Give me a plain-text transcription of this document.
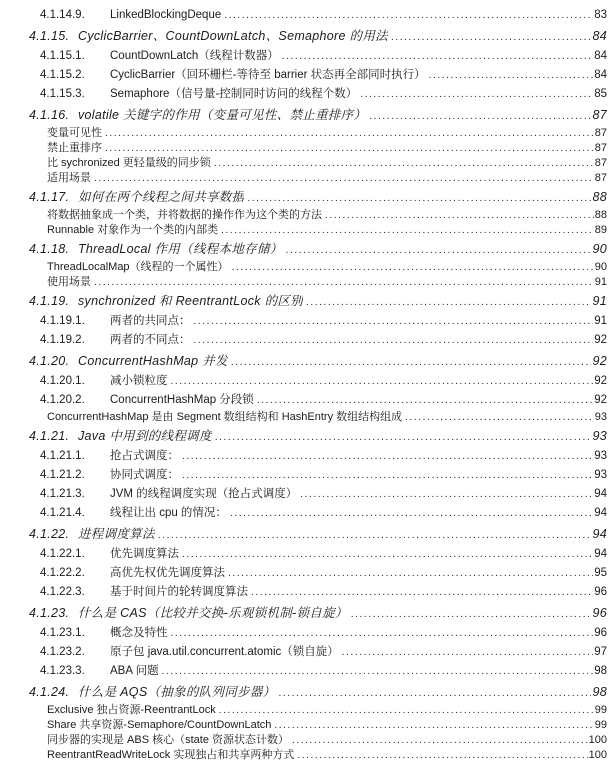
4.1.14.9.	LinkedBlockingDeque .....	83
4.1.15. CyclicBarrier、CountDownLatch、Semaphore 的用法 .....	84
4.1.15.1.	CountDownLatch（线程计数器） .....	84
4.1.15.2.	CyclicBarrier（回环栅栏-等待至 barrier 状态再全部同时执行） .....	84
4.1.15.3.	Semaphore（信号量-控制同时访问的线程个数） .....	85
4.1.16. volatile 关键字的作用（变量可见性、禁止重排序） .....	87
变量可见性 .....	87
禁止重排序 .....	87
比 sychronized 更轻量级的同步锁 .....	87
适用场景 .....	87
4.1.17. 如何在两个线程之间共享数据 .....	88
将数据抽象成一个类，并将数据的操作作为这个类的方法 .....	88
Runnable 对象作为一个类的内部类 .....	89
4.1.18. ThreadLocal 作用（线程本地存储） .....	90
ThreadLocalMap（线程的一个属性） .....	90
使用场景 .....	91
4.1.19. synchronized 和 ReentrantLock 的区别 .....	91
4.1.19.1.	两者的共同点： .....	91
4.1.19.2.	两者的不同点： .....	92
4.1.20. ConcurrentHashMap 并发 .....	92
4.1.20.1.	减小锁粒度 .....	92
4.1.20.2.	ConcurrentHashMap 分段锁 .....	92
ConcurrentHashMap 是由 Segment 数组结构和 HashEntry 数组结构组成 .....	93
4.1.21. Java 中用到的线程调度 .....	93
4.1.21.1.	抢占式调度： .....	93
4.1.21.2.	协同式调度： .....	93
4.1.21.3.	JVM 的线程调度实现（抢占式调度） .....	94
4.1.21.4.	线程让出 cpu 的情况： .....	94
4.1.22. 进程调度算法 .....	94
4.1.22.1.	优先调度算法 .....	94
4.1.22.2.	高优先权优先调度算法 .....	95
4.1.22.3.	基于时间片的轮转调度算法 .....	96
4.1.23. 什么是 CAS（比较并交换-乐观锁机制-锁自旋） .....	96
4.1.23.1.	概念及特性 .....	96
4.1.23.2.	原子包 java.util.concurrent.atomic（锁自旋） .....	97
4.1.23.3.	ABA 问题 .....	98
4.1.24. 什么是 AQS（抽象的队列同步器） .....	98
Exclusive 独占资源-ReentrantLock .....	99
Share 共享资源-Semaphore/CountDownLatch .....	99
同步器的实现是 ABS 核心（state 资源状态计数） .....	100
ReentrantReadWriteLock 实现独占和共享两种方式 .....	100
